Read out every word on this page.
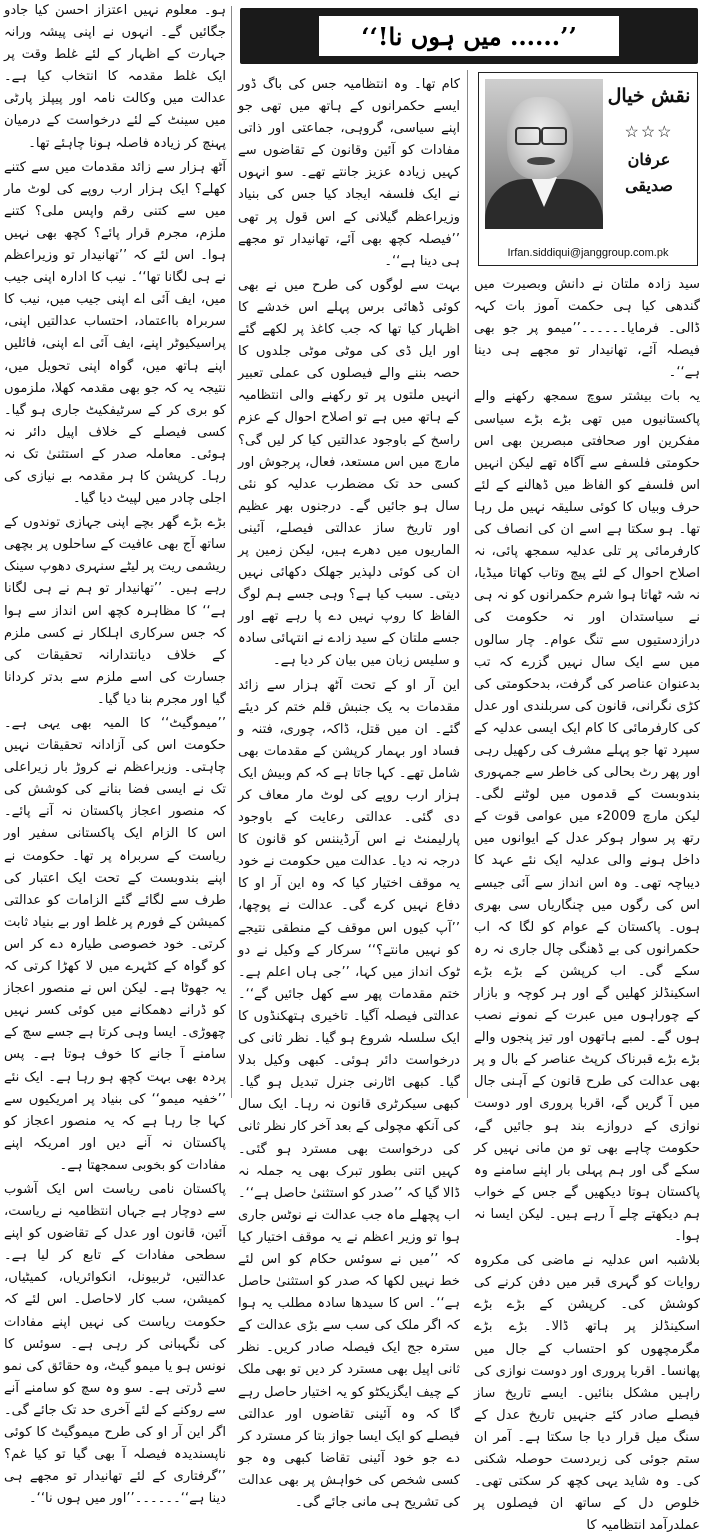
ہو۔ معلوم نہیں اعتزاز احسن کیا جادو جگائیں گے۔ انہوں نے اپنی پیشہ ورانہ جہارت کے اظہار کے لئے غلط وقت پر ایک غلط مقدمہ کا انتخاب کیا ہے۔ عدالت میں وکالت نامہ اور پیپلز پارٹی میں سینٹ کے لئے درخواست کے درمیان پہنچ کر زیادہ فاصلہ ہونا چاہئے تھا۔

آٹھ ہزار سے زائد مقدمات میں سے کتنے کھلے؟ ایک ہزار ارب روپے کی لوٹ مار میں سے کتنی رقم واپس ملی؟ کتنے ملزم، مجرم قرار پائے؟ کچھ بھی نہیں ہوا۔ اس لئے کہ ’’تھانیدار تو وزیراعظم نے ہی لگانا تھا‘‘۔ نیب کا ادارہ اپنی جیب میں، ایف آئی اے اپنی جیب میں، نیب کا سربراہ بااعتماد، احتساب عدالتیں اپنی، پراسیکیوٹر اپنے، ایف آئی اے اپنی، فائلیں اپنے ہاتھ میں، گواہ اپنی تحویل میں، نتیجہ یہ کہ جو بھی مقدمہ کھلا، ملزموں کو بری کر کے سرٹیفکیٹ جاری ہو گیا۔ کسی فیصلے کے خلاف اپیل دائر نہ ہوئی۔ معاملہ صدر کے استثنیٰ تک نہ رہا۔ کرپشن کا ہر مقدمہ بے نیازی کی اجلی چادر میں لپیٹ دیا گیا۔

بڑے بڑے گھر بچے اپنی جہازی توندوں کے ساتھ آج بھی عافیت کے ساحلوں پر بچھی ریشمی ریت پر لیٹے سنہری دھوپ سینک رہے ہیں۔ ’’تھانیدار تو ہم نے ہی لگانا ہے‘‘ کا مظاہرہ کچھ اس انداز سے ہوا کہ جس سرکاری اہلکار نے کسی ملزم کے خلاف دیانتدارانہ تحقیقات کی جسارت کی اسے ملزم سے بدتر کردانا گیا اور مجرم بنا دیا گیا۔

’’میموگیٹ‘‘ کا المیہ بھی یہی ہے۔ حکومت اس کی آزادانہ تحقیقات نہیں چاہتی۔ وزیراعظم نے کروڑ بار زیراعلی تک نے ایسی فضا بنانے کی کوشش کی کہ منصور اعجاز پاکستان نہ آنے پائے۔ اس کا الزام ایک پاکستانی سفیر اور ریاست کے سربراہ پر تھا۔ حکومت نے اپنے بندوبست کے تحت ایک اعتبار کی طرف سے لگائے گئے الزامات کو عدالتی کمیشن کے فورم پر غلط اور بے بنیاد ثابت کرتی۔ خود خصوصی طیارہ دے کر اس کو گواہ کے کٹہرے میں لا کھڑا کرتی کہ یہ جھوٹا ہے۔ لیکن اس نے منصور اعجاز کو ڈرانے دھمکانے میں کوئی کسر نہیں چھوڑی۔ ایسا وہی کرتا ہے جسے سچ کے سامنے آ جانے کا خوف ہوتا ہے۔ پس پردہ بھی بہت کچھ ہو رہا ہے۔ ایک نئے ’’خفیہ میمو‘‘ کی بنیاد پر امریکیوں سے کہا جا رہا ہے کہ یہ منصور اعجاز کو پاکستان نہ آنے دیں اور امریکہ اپنے مفادات کو بخوبی سمجھتا ہے۔

پاکستان نامی ریاست اس ایک آشوب سے دوچار ہے جہاں انتظامیہ نے ریاست، آئین، قانون اور عدل کے تقاضوں کو اپنے سطحی مفادات کے تابع کر لیا ہے۔ عدالتیں، ٹربیونل، انکوائریاں، کمیٹیاں، کمیشن، سب کار لاحاصل۔ اس لئے کہ حکومت ریاست کی نہیں اپنے مفادات کی نگہبانی کر رہی ہے۔ سوئس کا نونس ہو یا میمو گیٹ، وہ حقائق کی نمو سے ڈرتی ہے۔ سو وہ سچ کو سامنے آنے سے روکنے کے لئے آخری حد تک جائے گی۔ اگر این آر او کی طرح میموگیٹ کا کوئی ناپسندیدہ فیصلہ آ بھی گیا تو کیا غم؟ ’’گرفتاری کے لئے تھانیدار تو مجھے ہی دینا ہے‘‘۔۔۔۔۔۔’’اور میں ہوں نا‘‘۔

’’...... میں ہوں نا!‘‘

کام تھا۔ وہ انتظامیہ جس کی باگ ڈور ایسے حکمرانوں کے ہاتھ میں تھی جو اپنے سیاسی، گروہی، جماعتی اور ذاتی مفادات کو آئین وقانون کے تقاضوں سے کہیں زیادہ عزیز جانتے تھے۔ سو انہوں نے ایک فلسفہ ایجاد کیا جس کی بنیاد وزیراعظم گیلانی کے اس قول پر تھی ’’فیصلہ کچھ بھی آئے، تھانیدار تو مجھے ہی دینا ہے‘‘۔

بہت سے لوگوں کی طرح میں نے بھی کوئی ڈھائی برس پہلے اس خدشے کا اظہار کیا تھا کہ جب کاغذ پر لکھے گئے اور ایل ڈی کی موٹی موٹی جلدوں کا حصہ بننے والے فیصلوں کی عملی تعبیر انہیں ملتوں پر تو رکھنے والی انتظامیہ کے ہاتھ میں ہے تو اصلاح احوال کے عزم راسخ کے باوجود عدالتیں کیا کر لیں گی؟ مارچ میں اس مستعد، فعال، پرجوش اور کسی حد تک مضطرب عدلیہ کو نئی سال ہو جائیں گے۔ درجنوں بھر عظیم اور تاریخ ساز عدالتی فیصلے، آئینی الماریوں میں دھرے ہیں، لیکن زمین پر ان کی کوئی دلپذیر جھلک دکھائی نہیں دیتی۔ سبب کیا ہے؟ وہی جسے ہم لوگ الفاظ کا روپ نہیں دے پا رہے تھے اور جسے ملتان کے سید زادے نے انتہائی سادہ و سلیس زبان میں بیان کر دیا ہے۔

این آر او کے تحت آٹھ ہزار سے زائد مقدمات بہ یک جنبش قلم ختم کر دیئے گئے۔ ان میں قتل، ڈاکہ، چوری، فتنہ و فساد اور بہمار کرپشن کے مقدمات بھی شامل تھے۔ کہا جاتا ہے کہ کم وبیش ایک ہزار ارب روپے کی لوٹ مار معاف کر دی گئی۔ عدالتی رعایت کے باوجود پارلیمنٹ نے اس آرڈیننس کو قانون کا درجہ نہ دیا۔ عدالت میں حکومت نے خود یہ موقف اختیار کیا کہ وہ این آر او کا دفاع نہیں کرے گی۔ عدالت نے پوچھا، ’’آپ کیوں اس موقف کے منطقی نتیجے کو نہیں مانتے؟‘‘ سرکار کے وکیل نے دو ٹوک انداز میں کہا، ’’جی ہاں اعلم ہے۔ ختم مقدمات پھر سے کھل جائیں گے‘‘۔ عدالتی فیصلہ آگیا۔ تاخیری ہتھکنڈوں کا ایک سلسلہ شروع ہو گیا۔ نظر ثانی کی درخواست دائر ہوئی۔ کبھی وکیل بدلا گیا۔ کبھی اٹارنی جنرل تبدیل ہو گیا۔ کبھی سیکرٹری قانون نہ رہا۔ ایک سال کی آنکھ مچولی کے بعد آخر کار نظر ثانی کی درخواست بھی مسترد ہو گئی۔ کہیں اتنی بطور تبرک بھی یہ جملہ نہ ڈالا گیا کہ ’’صدر کو استثنیٰ حاصل ہے‘‘۔ اب پچھلے ماہ جب عدالت نے نوٹس جاری ہوا تو وزیر اعظم نے یہ موقف اختیار کیا کہ ’’میں نے سوئس حکام کو اس لئے خط نہیں لکھا کہ صدر کو استثنیٰ حاصل ہے‘‘۔ اس کا سیدھا سادہ مطلب یہ ہوا کہ اگر ملک کی سب سے بڑی عدالت کے سترہ جج ایک فیصلہ صادر کریں۔ نظر ثانی اپیل بھی مسترد کر دیں تو بھی ملک کے چیف ایگزیکٹو کو یہ اختیار حاصل رہے گا کہ وہ آئینی تقاضوں اور عدالتی فیصلے کو ایک ایسا جواز بتا کر مسترد کر دے جو خود آئینی تقاضا کبھی وہ جو کسی شخص کی خواہش پر بھی عدالت کی تشریح ہی مانی جائے گی۔

نقش خیال
☆☆☆
عرفان صدیقی
Irfan.siddiqui@janggroup.com.pk

سید زادہ ملتان نے دانش وبصیرت میں گندھی کیا ہی حکمت آموز بات کہہ ڈالی۔ فرمایا۔۔۔۔۔۔’’میمو پر جو بھی فیصلہ آئے، تھانیدار تو مجھے ہی دینا ہے‘‘۔

یہ بات بیشتر سوچ سمجھ رکھنے والے پاکستانیوں میں تھی بڑے بڑے سیاسی مفکرین اور صحافتی مبصرین بھی اس حکومتی فلسفے سے آگاہ تھے لیکن انہیں اس فلسفے کو الفاظ میں ڈھالنے کے لئے حرف وبیاں کا کوئی سلیقہ نہیں مل رہا تھا۔ ہو سکتا ہے اسے ان کی انصاف کی کارفرمائی پر تلی عدلیہ سمجھ پائی، نہ اصلاح احوال کے لئے پیچ وتاب کھاتا میڈیا، نہ شہ ٹھاتا ہوا شرم حکمرانوں کو نہ ہی نے سیاستدان اور نہ حکومت کی درازدستیوں سے تنگ عوام۔ چار سالوں میں سے ایک سال نہیں گزرے کہ تب بدعنوان عناصر کی گرفت، بدحکومتی کی کڑی نگرانی، قانون کی سربلندی اور عدل کی کارفرمائی کا کام ایک ایسی عدلیہ کے سپرد تھا جو پہلے مشرف کی رکھیل رہی اور پھر رٹ بحالی کی خاطر سے جمہوری بندوبست کے قدموں میں لوٹنے لگی۔ لیکن مارچ 2009ء میں عوامی قوت کے رتھ پر سوار ہوکر عدل کے ایوانوں میں داخل ہونے والی عدلیہ ایک نئے عہد کا دیباچہ تھی۔ وہ اس انداز سے آئی جیسے اس کی رگوں میں چنگاریاں سی بھری ہوں۔ پاکستان کے عوام کو لگا کہ اب حکمرانوں کی بے ڈھنگی چال جاری نہ رہ سکے گی۔ اب کرپشن کے بڑے بڑے اسکینڈلز کھلیں گے اور ہر کوچہ و بازار کے چوراہوں میں عبرت کے نمونے نصب ہوں گے۔ لمبے ہاتھوں اور تیز پنجوں والے بڑے بڑے قبرناک کرپٹ عناصر کے بال و پر بھی عدالت کی طرح قانون کے آہنی جال میں آ گریں گے، اقربا پروری اور دوست نوازی کے دروازے بند ہو جائیں گے، حکومت چاہے بھی تو من مانی نہیں کر سکے گی اور ہم پہلی بار اپنے سامنے وہ پاکستان ہوتا دیکھیں گے جس کے خواب ہم دیکھتے چلے آ رہے ہیں۔ لیکن ایسا نہ ہوا۔

بلاشبہ اس عدلیہ نے ماضی کی مکروہ روایات کو گہری قبر میں دفن کرنے کی کوشش کی۔ کرپشن کے بڑے بڑے اسکینڈلز پر ہاتھ ڈالا۔ بڑے بڑے مگرمچھوں کو احتساب کے جال میں پھانسا۔ اقربا پروری اور دوست نوازی کی راہیں مشکل بنائیں۔ ایسے تاریخ ساز فیصلے صادر کئے جنہیں تاریخ عدل کے سنگ میل قرار دیا جا سکتا ہے۔ آمر ان ستم جوئی کی زبردست حوصلہ شکنی کی۔ وہ شاید یہی کچھ کر سکتی تھی۔ خلوص دل کے ساتھ ان فیصلوں پر عملدرآمد انتظامیہ کا
